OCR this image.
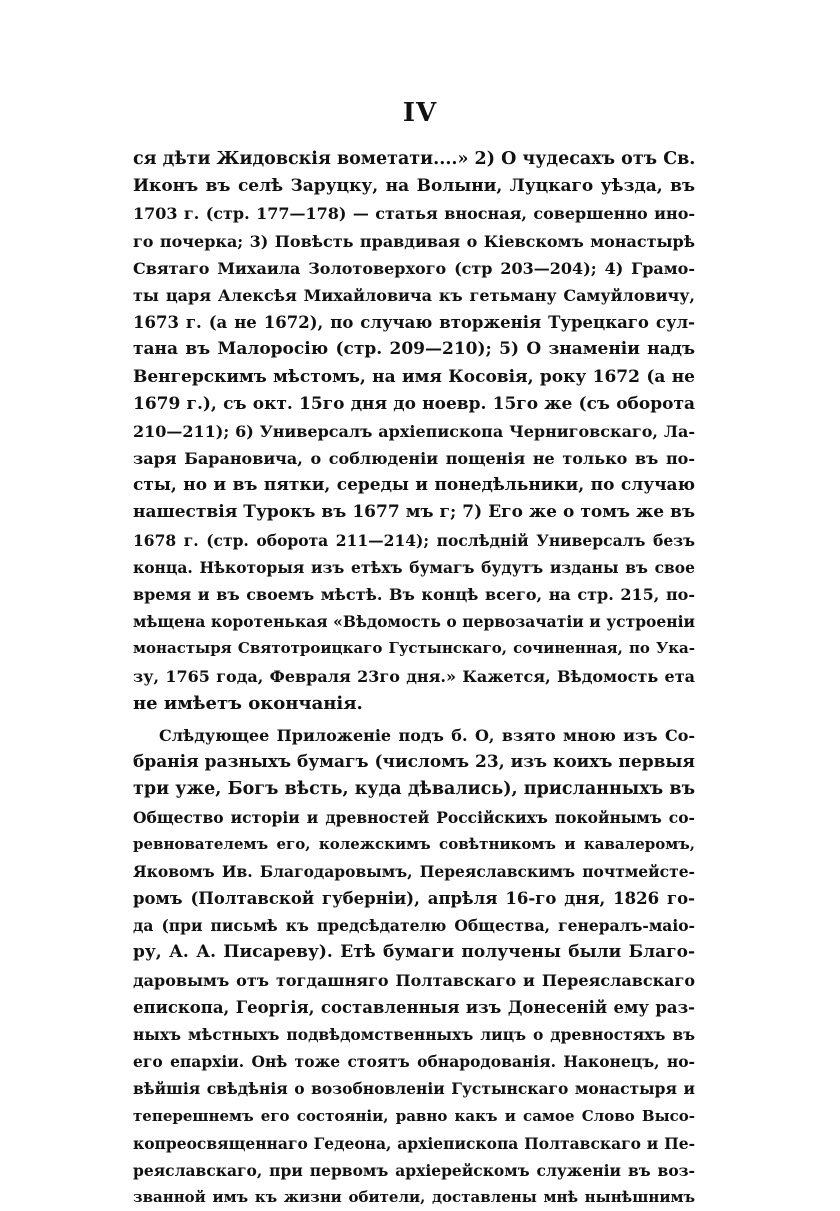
IV
ся дѣти Жидовскія вометати....» 2) О чудесахъ отъ Св.
Иконъ въ селѣ Заруцку, на Волыни, Луцкаго уѣзда, въ
1703 г. (стр. 177—178) — статья вносная, совершенно ино-
го почерка; 3) Повѣсть правдивая о Кіевскомъ монастырѣ
Святаго Михаила Золотоверхого (стр 203—204); 4) Грамо-
ты царя Алексѣя Михайловича къ гетьману Самуйловичу,
1673 г. (а не 1672), по случаю вторженія Турецкаго сул-
тана въ Малоросію (стр. 209—210); 5) О знаменіи надъ
Венгерскимъ мѣстомъ, на имя Косовія, року 1672 (а не
1679 г.), съ окт. 15го дня до ноевр. 15го же (съ оборота
210—211); 6) Универсалъ архіепископа Черниговскаго, Ла-
заря Барановича, о соблюденіи пощенія не только въ по-
сты, но и въ пятки, середы и понедѣльники, по случаю
нашествія Турокъ въ 1677 мъ г; 7) Его же о томъ же въ
1678 г. (стр. оборота 211—214); послѣдній Универсалъ безъ
конца. Нѣкоторыя изъ етѣхъ бумагъ будутъ изданы въ свое
время и въ своемъ мѣстѣ. Въ концѣ всего, на стр. 215, по-
мѣщена коротенькая «Вѣдомость о первозачатіи и устроеніи
монастыря Святотроицкаго Густынскаго, сочиненная, по Ука-
зу, 1765 года, Февраля 23го дня.» Кажется, Вѣдомость ета
не имѣетъ окончанія.
Слѣдующее Приложеніе подъ б. О, взято мною изъ Со-
бранія разныхъ бумагъ (числомъ 23, изъ коихъ первыя
три уже, Богъ вѣсть, куда дѣвались), присланныхъ въ
Общество исторіи и древностей Россійскихъ покойнымъ со-
ревнователемъ его, колежскимъ совѣтникомъ и кавалеромъ,
Яковомъ Ив. Благодаровымъ, Переяславскимъ почтмейсте-
ромъ (Полтавской губерніи), апрѣля 16-го дня, 1826 го-
да (при письмѣ къ предсѣдателю Общества, генералъ-маіо-
ру, А. А. Писареву). Етѣ бумаги получены были Благо-
даровымъ отъ тогдашняго Полтавскаго и Переяславскаго
епископа, Георгія, составленныя изъ Донесеній ему раз-
ныхъ мѣстныхъ подвѣдомственныхъ лицъ о древностяхъ въ
его епархіи. Онѣ тоже стоятъ обнародованія. Наконецъ, но-
вѣйшія свѣдѣнія о возобновленіи Густынскаго монастыря и
теперешнемъ его состояніи, равно какъ и самое Слово Высо-
копреосвященнаго Гедеона, архіепископа Полтавскаго и Пе-
реяславскаго, при первомъ архіерейскомъ служеніи въ воз-
званной имъ къ жизни обители, доставлены мнѣ нынѣшнимъ
